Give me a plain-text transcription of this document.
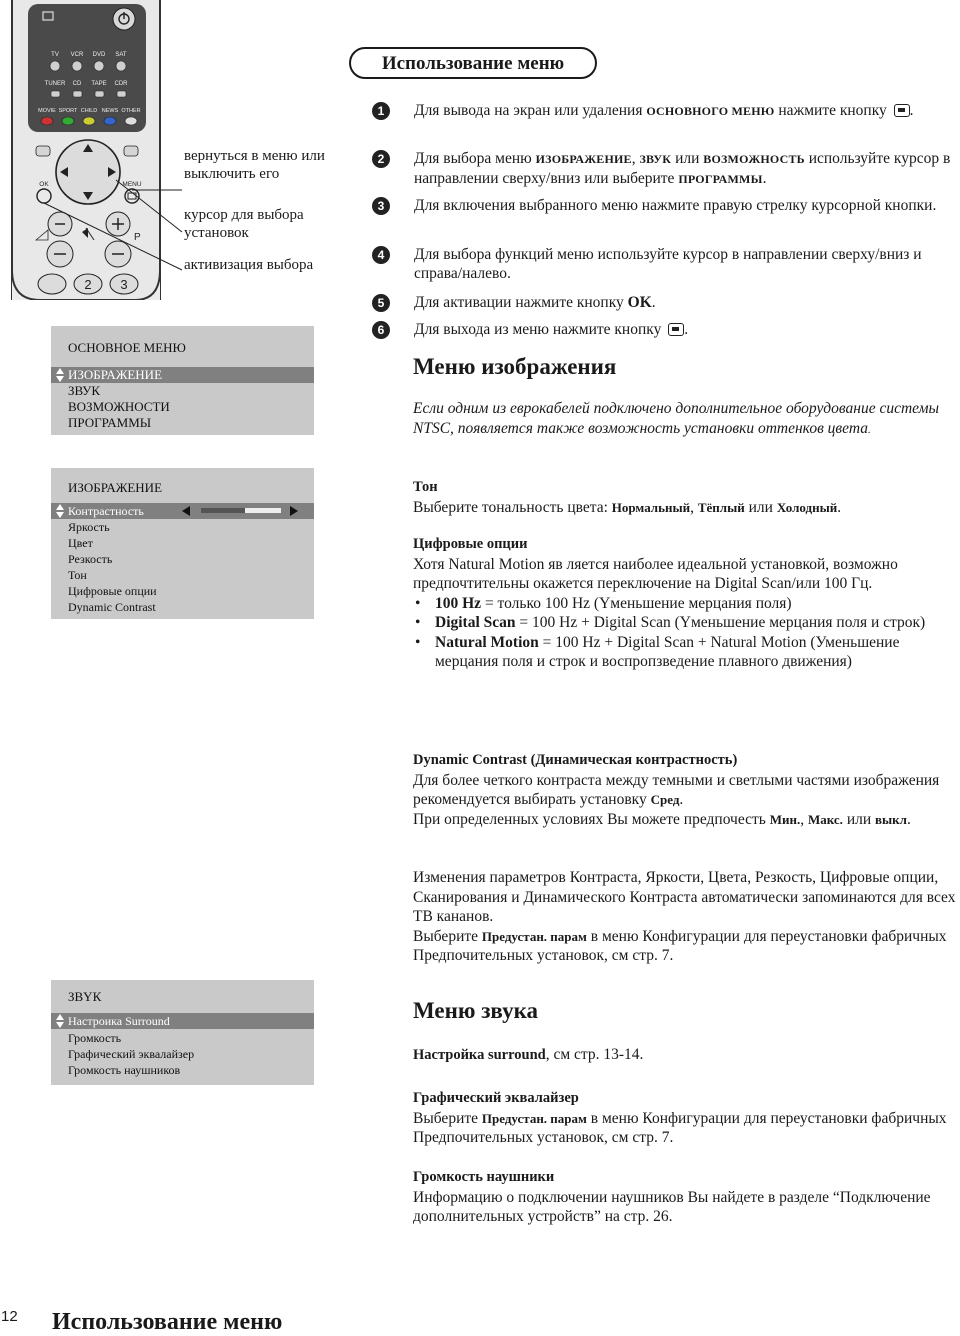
TV VCR DVD SAT
TUNER CD TAPE CDR
MOVIE SPORT CHILD NEWS OTHER
OK	MENU
P
2 3
вернуться в меню или выключить его
курсор для выбора установок
активизация выбора
ОСНОВНОЕ МЕНЮ
ИЗОБРАЖЕНИЕ
ЗВУК
ВОЗМОЖНОСТИ
ПРОГРАММЫ
ИЗОБРАЖЕНИЕ
Контрастность
Яркость
Цвет
Резкость
Тон
Цифровые опции
Dynamic Contrast
ЗВYК
Настроика Surround
Громкость
Графический эквалайзер
Громкость наушников
Использование меню
1	Для вывода на экран или удаления ОСНОВНОГО МЕНЮ нажмите кнопку .
2	Для выбора меню ИЗОБРАЖЕНИЕ, ЗВУК или ВОЗМОЖНОСТЬ используйте курсор в направлении сверху/вниз или выберите ПРОГРАММЫ.
3	Для включения выбранного меню нажмите правую стрелку курсорной кнопки.
4	Для выбора функций меню используйте курсор в направлении сверху/вниз и справа/налево.
5	Для активации нажмите кнопку OK.
6	Для выхода из меню нажмите кнопку .
Меню изображения
Если одним из еврокабелей подключено дополнительное оборудование системы NTSC, появляется также возможность установки оттенков цвета.
Тон
Выберите тональность цвета: Нормальный, Тёплый или Холодный.
Цифровые опции
Хотя Natural Motion яв ляется наиболее идеальной установкой, возможно предпочтительны окажется переключение на Digital Scan/или 100 Гц.
• 100 Hz = только 100 Hz (Yменьшение мерцания поля)
• Digital Scan = 100 Hz + Digital Scan (Yменьшение мерцания поля и строк)
• Natural Motion = 100 Hz + Digital Scan + Natural Motion (Уменьшение мерцания поля и строк и воспропзведение плавного движения)
Dynamic Contrast (Динамическая контрастность)
Для более четкого контраста между темными и светлыми частями изображения рекомендуется выбирать установку Сред.
При определенных условиях Вы можете предпочесть Мин., Макс. или выкл.
Изменения параметров Контраста, Яркости, Цвета, Резкость, Цифровые опции, Сканирования и Динамического Контраста автоматически запоминаются для всех ТВ кананов.
Выберите Предустан. парам в меню Конфигурации для переустановки фабричных Предпочительных установок, см стр. 7.
Меню звука
Настройка surround, см стр. 13-14.
Графический эквалайзер
Выберите Предустан. парам в меню Конфигурации для переустановки фабричных Предпочительных установок, см стр. 7.
Громкость наушники
Информацию о подключении наушников Вы найдете в разделе “Подключение дополнительных устройств” на стр. 26.
12 Использование меню
